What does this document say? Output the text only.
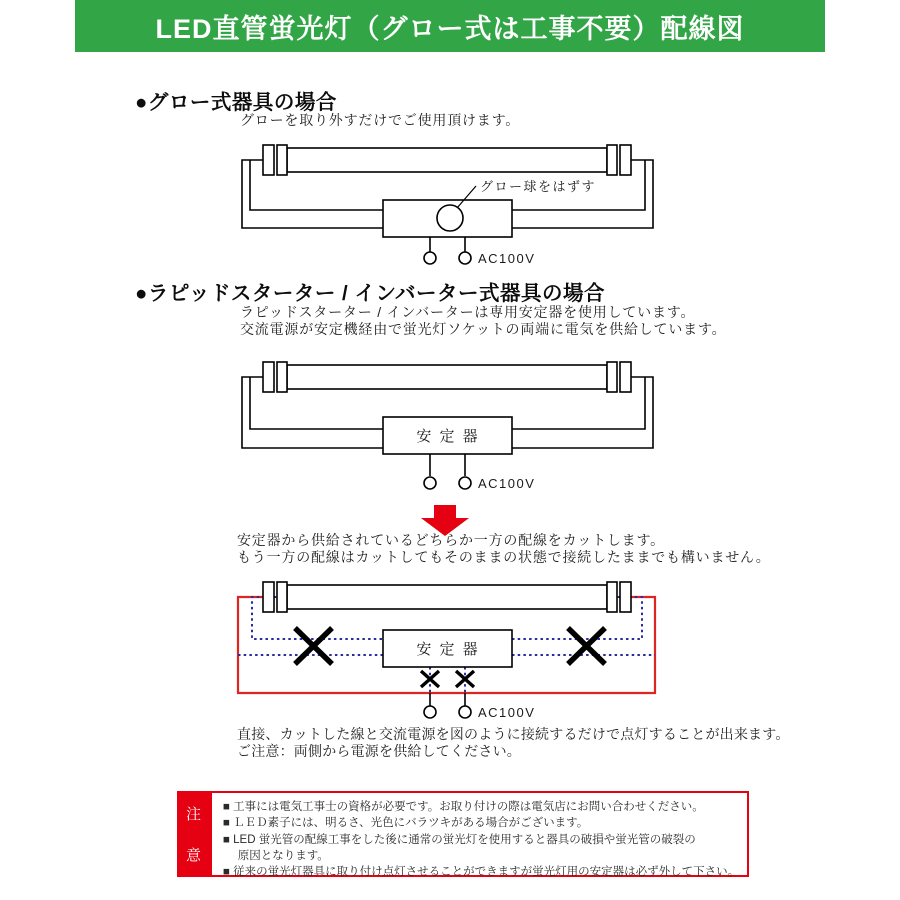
LED直管蛍光灯（グロー式は工事不要）配線図
●グロー式器具の場合
グローを取り外すだけでご使用頂けます。
グロー球をはずす
AC100V
●ラピッドスターター / インバーター式器具の場合
ラピッドスターター / インバーターは専用安定器を使用しています。
交流電源が安定機経由で蛍光灯ソケットの両端に電気を供給しています。
安 定 器
AC100V
安定器から供給されているどちらか一方の配線をカットします。
もう一方の配線はカットしてもそのままの状態で接続したままでも構いません。
安 定 器
AC100V
直接、カットした線と交流電源を図のように接続するだけで点灯することが出来ます。
ご注意：両側から電源を供給してください。
注
意
■ 工事には電気工事士の資格が必要です。お取り付けの際は電気店にお問い合わせください。
■ ＬＥＤ素子には、明るさ、光色にバラツキがある場合がございます。
■ LED 蛍光管の配線工事をした後に通常の蛍光灯を使用すると器具の破損や蛍光管の破裂の
　 原因となります。
■ 従来の蛍光灯器具に取り付け点灯させることができますが蛍光灯用の安定器は必ず外して下さい。
